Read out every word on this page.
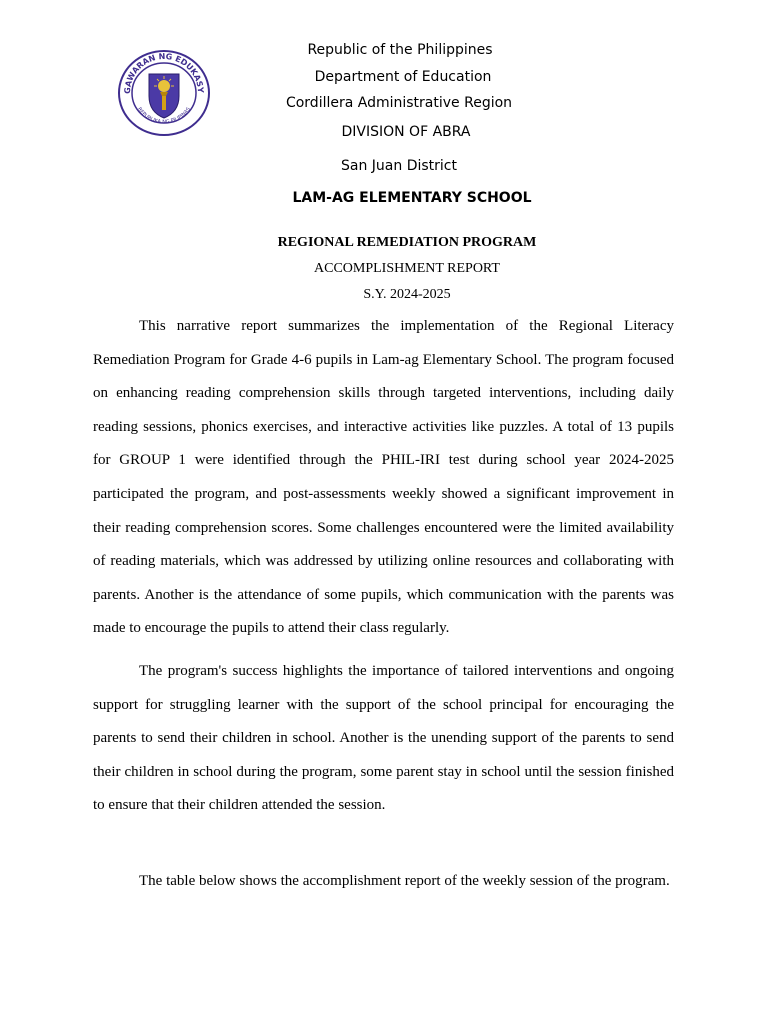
GAWARAN NG EDUKASY
REPUBLIKA NG PILIPINAS
Republic of the Philippines
Department of Education
Cordillera Administrative Region
DIVISION OF ABRA
San Juan District
LAM-AG ELEMENTARY SCHOOL
REGIONAL REMEDIATION PROGRAM
ACCOMPLISHMENT REPORT
S.Y. 2024-2025

This narrative report summarizes the implementation of the Regional Literacy Remediation Program for Grade 4-6 pupils in Lam-ag Elementary School. The program focused on enhancing reading comprehension skills through targeted interventions, including daily reading sessions, phonics exercises, and interactive activities like puzzles. A total of 13 pupils for GROUP 1 were identified through the PHIL-IRI test during school year 2024-2025 participated the program, and post-assessments weekly showed a significant improvement in their reading comprehension scores. Some challenges encountered were the limited availability of reading materials, which was addressed by utilizing online resources and collaborating with parents. Another is the attendance of some pupils, which communication with the parents was made to encourage the pupils to attend their class regularly.

The program's success highlights the importance of tailored interventions and ongoing support for struggling learner with the support of the school principal for encouraging the parents to send their children in school. Another is the unending support of the parents to send their children in school during the program, some parent stay in school until the session finished to ensure that their children attended the session.

The table below shows the accomplishment report of the weekly session of the program.
